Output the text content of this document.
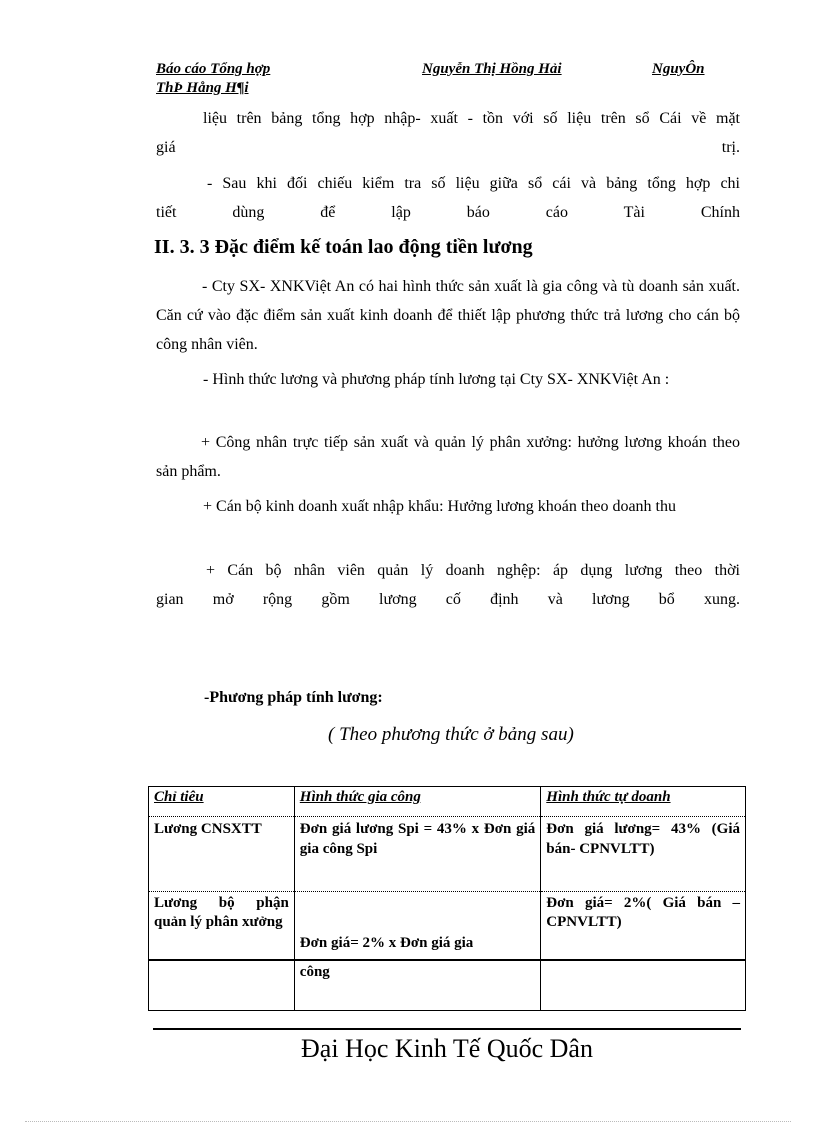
Báo cáo Tổng hợp	Nguyễn Thị Hồng Hải	NguyÔn
ThÞ Hång H¶i
liệu trên bảng tổng hợp nhập- xuất - tồn với số liệu trên sổ Cái về mặt
giá trị.
- Sau khi đối chiếu kiểm tra số liệu giữa sổ cái và bảng tổng hợp chi
tiết dùng để lập báo cáo Tài Chính
II. 3. 3 Đặc điểm kế toán lao động tiền lương
- Cty SX- XNKViệt An có hai hình thức sản xuất là gia công và tù doanh sản xuất. Căn cứ vào đặc điểm sản xuất kinh doanh để thiết lập phương thức trả lương cho cán bộ công nhân viên.
- Hình thức lương và phương pháp tính lương tại Cty SX- XNKViệt An :
+ Công nhân trực tiếp sản xuất và quản lý phân xưởng: hưởng lương khoán theo sản phẩm.
+ Cán bộ kinh doanh xuất nhập khẩu: Hưởng lương khoán theo doanh thu
+ Cán bộ nhân viên quản lý doanh nghệp: áp dụng lương theo thời
gian mở rộng gồm lương cố định và lương bổ xung.
-Phương pháp tính lương:
( Theo phương thức ở bảng sau)
Chỉ tiêu	Hình thức gia công	Hình thức tự doanh
Lương CNSXTT	Đơn giá lương Spi = 43% x Đơn giá gia công Spi	Đơn giá lương= 43% (Giá bán- CPNVLTT)
Lương bộ phận quản lý phân xưởng	Đơn giá= 2% x Đơn giá gia	Đơn giá= 2%( Giá bán – CPNVLTT)
	công	
Đại Học Kinh Tế Quốc Dân
